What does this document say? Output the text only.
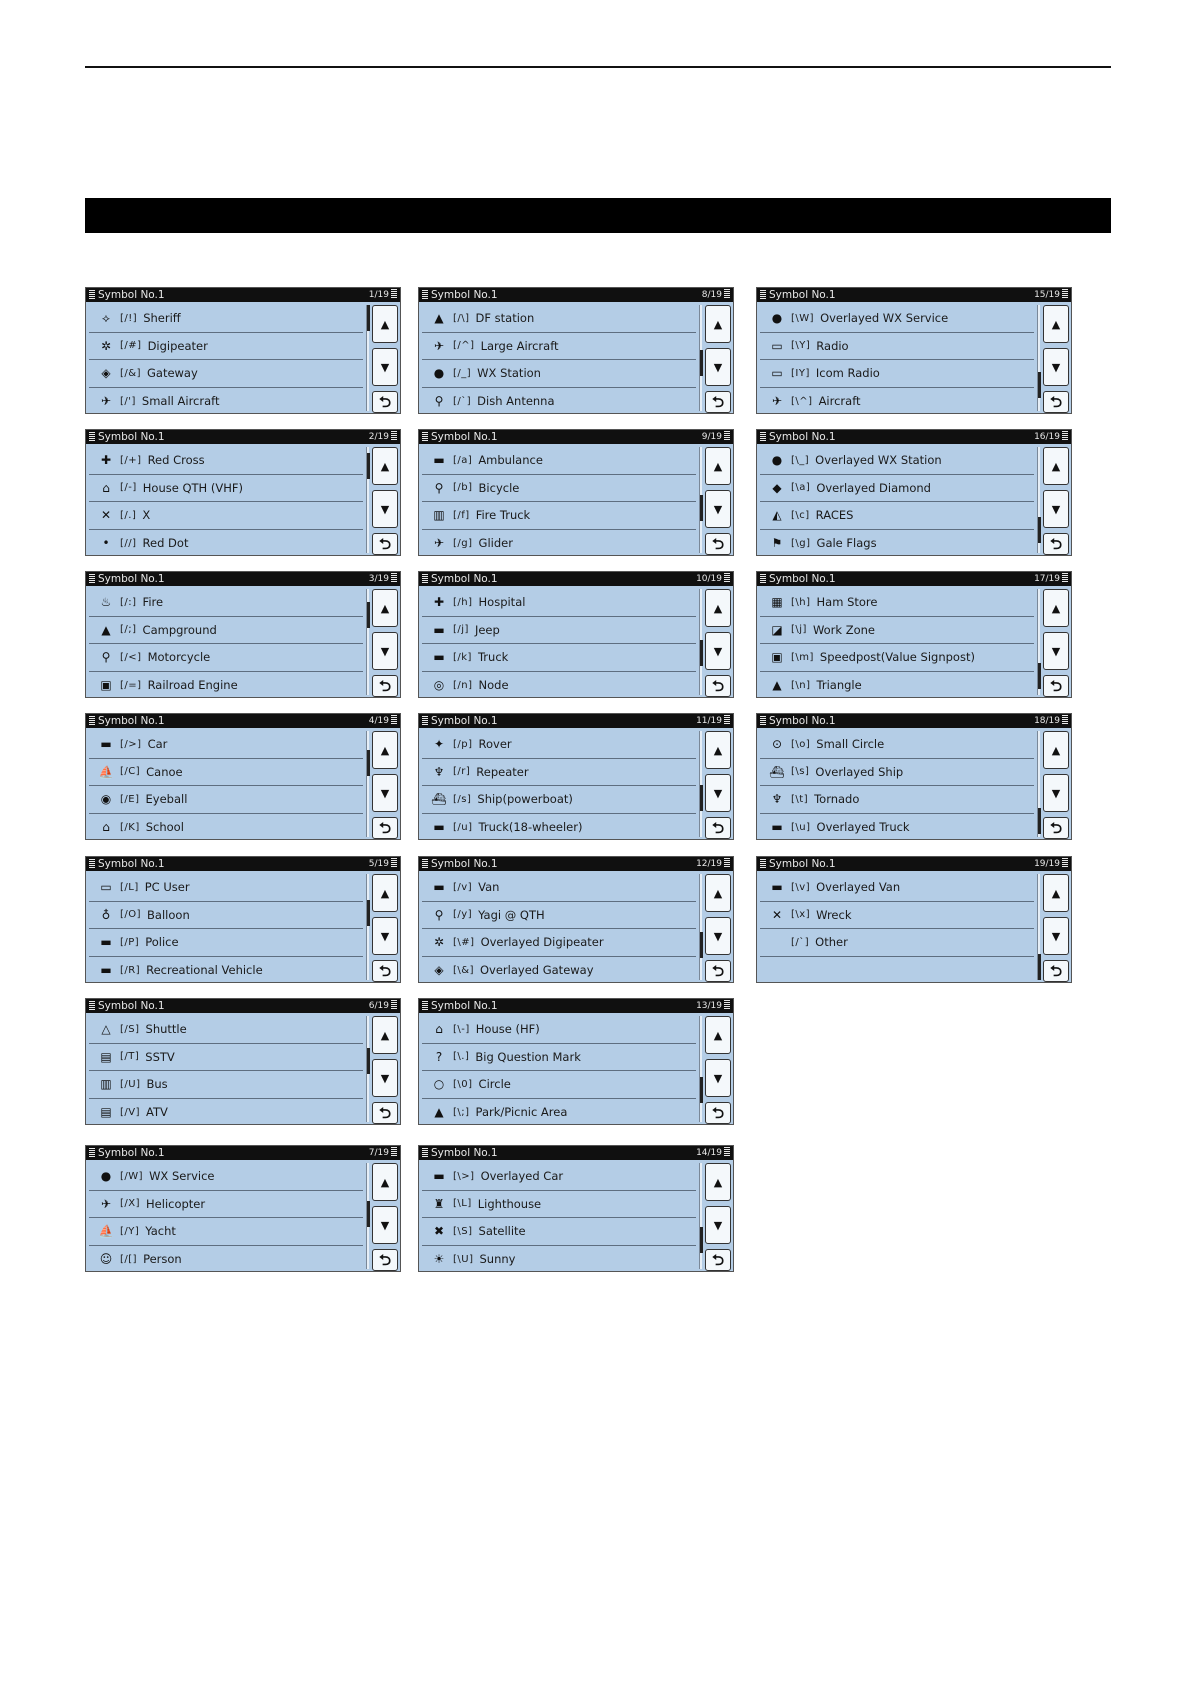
Symbol No.1	1/19
⟡	[/!] Sheriff
✲ [/#] Digipeater
◈ [/&] Gateway
✈ [/'] Small Aircraft
▲
▼
⮌
Symbol No.1	2/19
✚ [/+] Red Cross
⌂	[/-] House QTH (VHF)
✕ [/.] X
•	[//] Red Dot
▲
▼
⮌
Symbol No.1	3/19
♨ [/:] Fire
▲ [/;] Campground
⚲ [/<] Motorcycle
▣ [/=] Railroad Engine
▲
▼
⮌
Symbol No.1	4/19
▬ [/>] Car
⛵ [/C] Canoe
◉ [/E] Eyeball
⌂	[/K] School
▲
▼
⮌
Symbol No.1	5/19
▭ [/L] PC User
♁ [/O] Balloon
▬ [/P] Police
▬ [/R] Recreational Vehicle
▲
▼
⮌
Symbol No.1	6/19
△ [/S] Shuttle
▤ [/T] SSTV
▥ [/U] Bus
▤ [/V] ATV
▲
▼
⮌
Symbol No.1	7/19
● [/W] WX Service
✈ [/X] Helicopter
⛵ [/Y] Yacht
☺ [/[] Person
▲
▼
⮌
Symbol No.1	8/19
▲ [/\] DF station
✈ [/^] Large Aircraft
● [/_] WX Station
⚲ [/`] Dish Antenna
▲
▼
⮌
Symbol No.1	9/19
▬ [/a] Ambulance
⚲ [/b] Bicycle
▥ [/f] Fire Truck
✈ [/g] Glider
▲
▼
⮌
Symbol No.1	10/19
✚ [/h] Hospital
▬ [/j] Jeep
▬ [/k] Truck
◎ [/n] Node
▲
▼
⮌
Symbol No.1	11/19
✦ [/p] Rover
♆ [/r] Repeater
⛴ [/s] Ship(powerboat)
▬ [/u] Truck(18-wheeler)
▲
▼
⮌
Symbol No.1	12/19
▬ [/v] Van
⚲ [/y] Yagi @ QTH
✲ [\#] Overlayed Digipeater
◈ [\&] Overlayed Gateway
▲
▼
⮌
Symbol No.1	13/19
⌂	[\-] House (HF)
?	[\.] Big Question Mark
○ [\0] Circle
▲ [\;] Park/Picnic Area
▲
▼
⮌
Symbol No.1	14/19
▬ [\>] Overlayed Car
♜ [\L] Lighthouse
✖ [\S] Satellite
☀ [\U] Sunny
▲
▼
⮌
Symbol No.1	15/19
● [\W] Overlayed WX Service
▭ [\Y] Radio
▭ [IY] Icom Radio
✈ [\^] Aircraft
▲
▼
⮌
Symbol No.1	16/19
● [\_] Overlayed WX Station
◆ [\a] Overlayed Diamond
◭ [\c] RACES
⚑ [\g] Gale Flags
▲
▼
⮌
Symbol No.1	17/19
▦ [\h] Ham Store
◪ [\j] Work Zone
▣ [\m] Speedpost(Value Signpost)
▲ [\n] Triangle
▲
▼
⮌
Symbol No.1	18/19
⊙ [\o] Small Circle
⛴ [\s] Overlayed Ship
♆ [\t] Tornado
▬ [\u] Overlayed Truck
▲
▼
⮌
Symbol No.1	19/19
▬ [\v] Overlayed Van
✕ [\x] Wreck
[/`] Other
▲
▼
⮌
